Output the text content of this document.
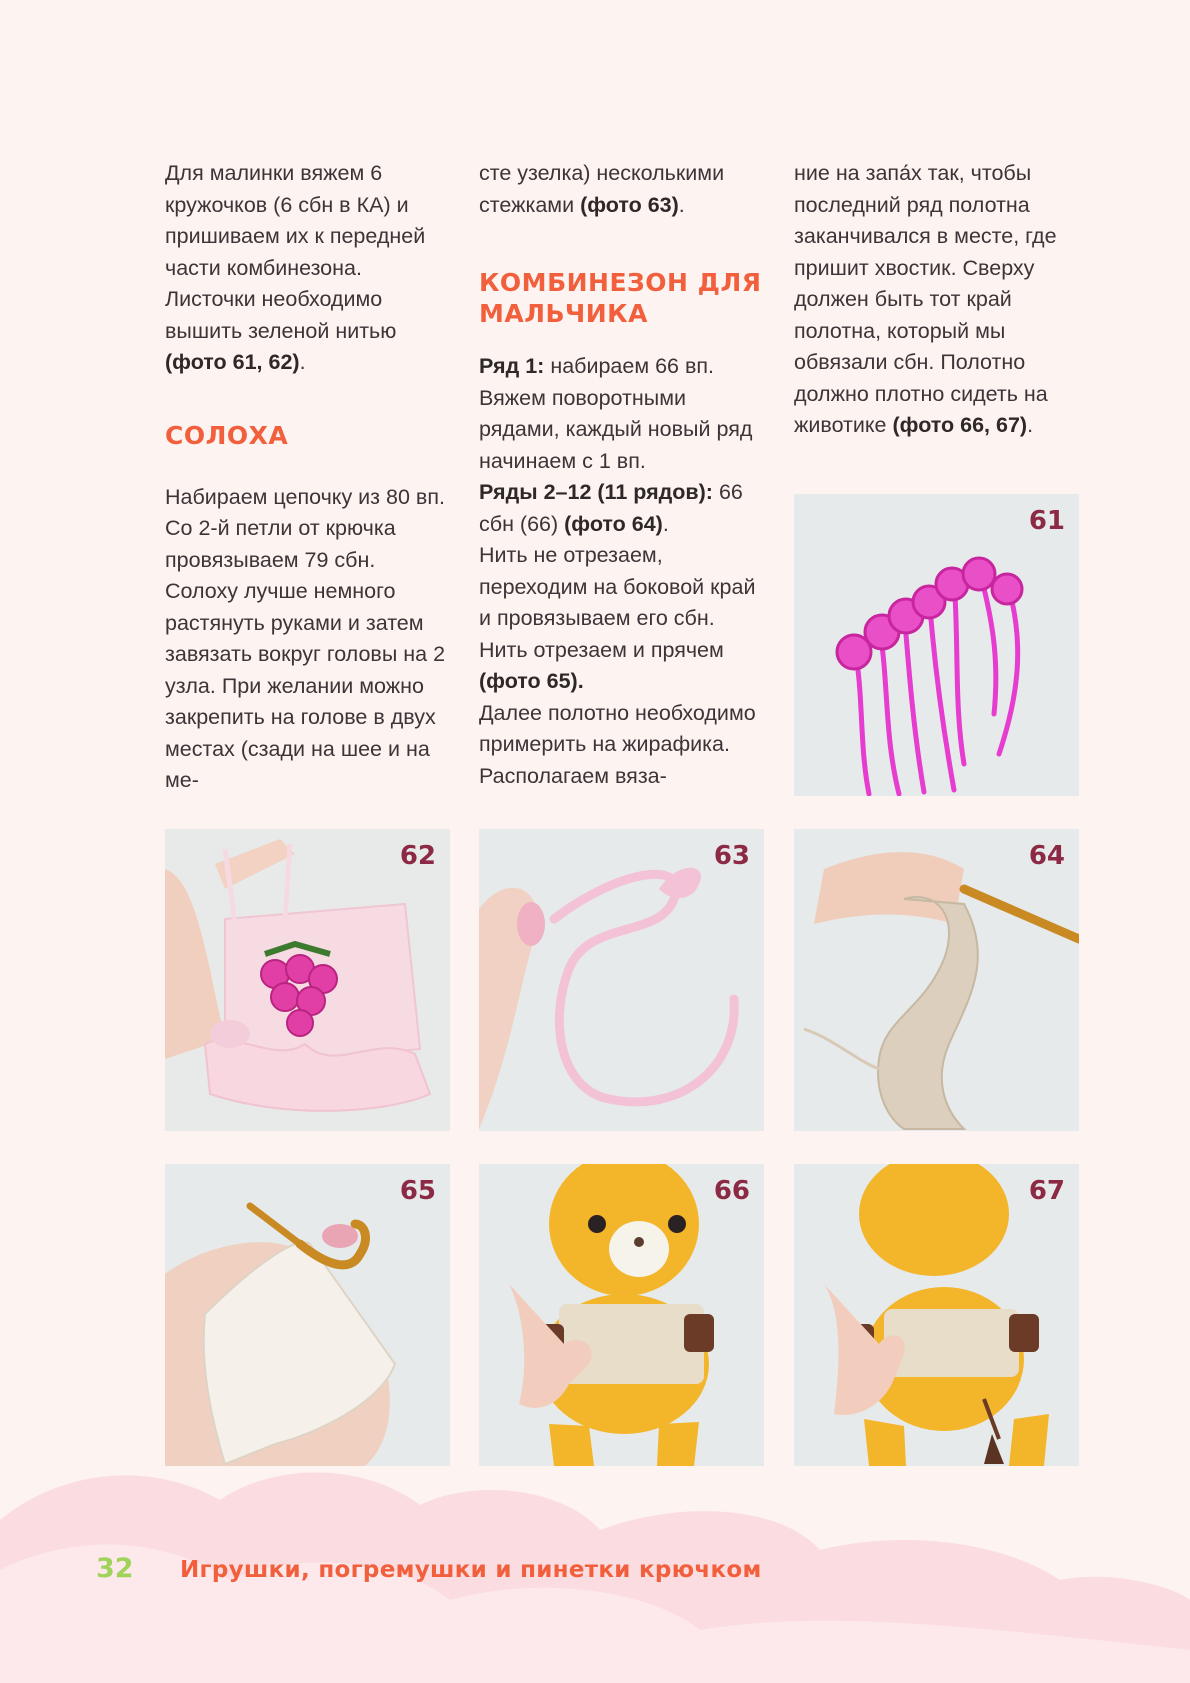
Для малинки вяжем 6 кружочков (6 сбн в КА) и пришиваем их к передней части комбинезона. Листочки необходимо вышить зеленой нитью (фото 61, 62).

СОЛОХА

Набираем цепочку из 80 вп. Со 2-й петли от крючка провязываем 79 сбн. Солоху лучше немного растянуть руками и затем завязать вокруг головы на 2 узла. При желании можно закрепить на голове в двух местах (сзади на шее и на ме-

сте узелка) несколькими стежками (фото 63).

КОМБИНЕЗОН ДЛЯ МАЛЬЧИКА

Ряд 1: набираем 66 вп. Вяжем поворотными рядами, каждый новый ряд начинаем с 1 вп.

Ряды 2–12 (11 рядов): 66 сбн (66) (фото 64).

Нить не отрезаем, переходим на боковой край и провязываем его сбн. Нить отрезаем и прячем (фото 65).

Далее полотно необходимо примерить на жирафика. Располагаем вяза-

ние на запа́х так, чтобы последний ряд полотна заканчивался в месте, где пришит хвостик. Сверху должен быть тот край полотна, который мы обвязали сбн. Полотно должно плотно сидеть на животике (фото 66, 67).

61
62	63	64
65	66	67
32 Игрушки, погремушки и пинетки крючком
